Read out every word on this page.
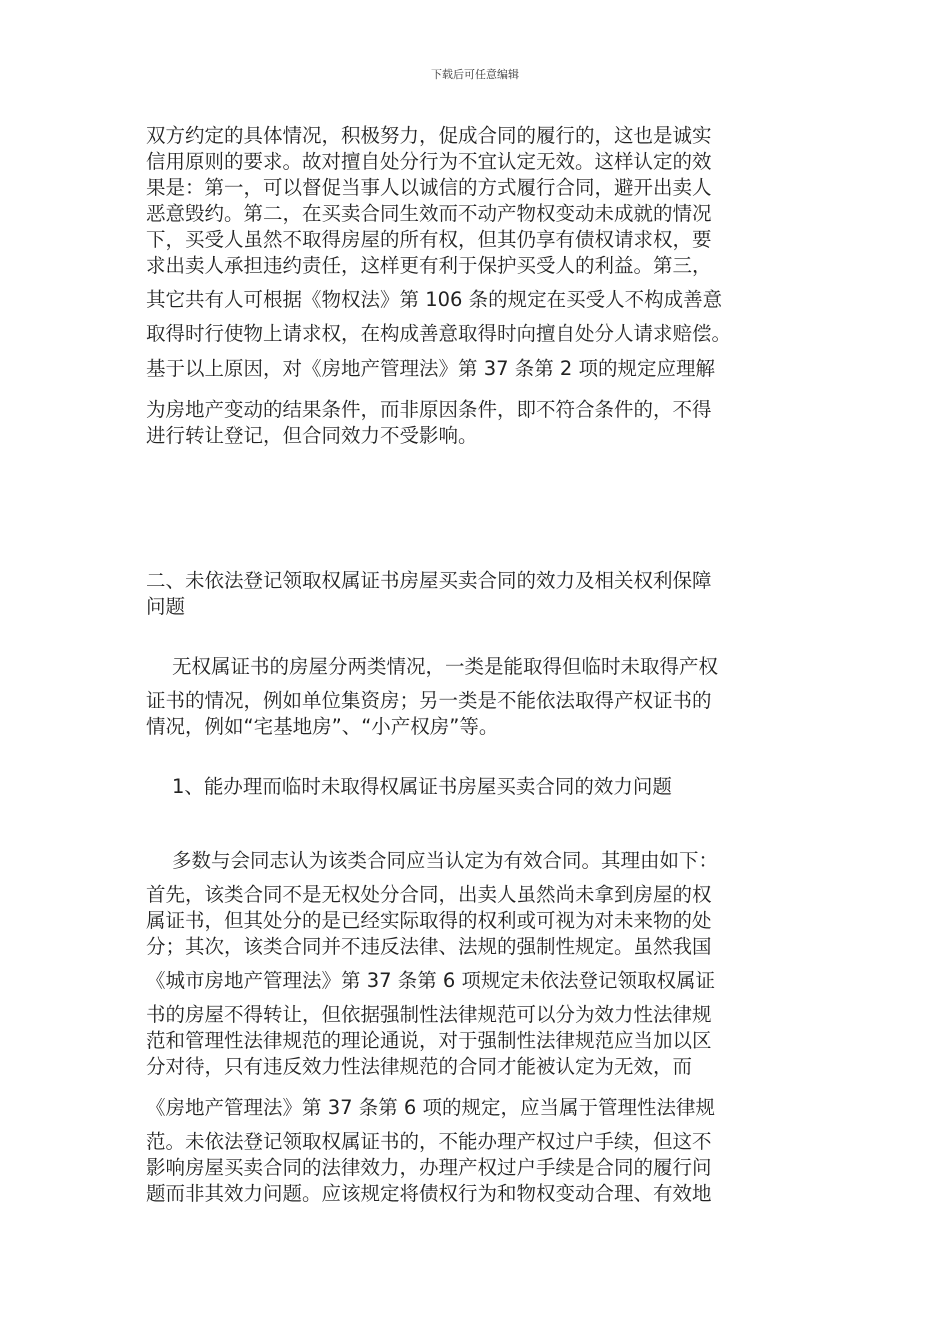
下载后可任意编辑
双方约定的具体情况，积极努力，促成合同的履行的，这也是诚实
信用原则的要求。故对擅自处分行为不宜认定无效。这样认定的效
果是：第一，可以督促当事人以诚信的方式履行合同，避开出卖人
恶意毁约。第二，在买卖合同生效而不动产物权变动未成就的情况
下，买受人虽然不取得房屋的所有权，但其仍享有债权请求权，要
求出卖人承担违约责任，这样更有利于保护买受人的利益。第三，
其它共有人可根据《物权法》第 106 条的规定在买受人不构成善意
取得时行使物上请求权，在构成善意取得时向擅自处分人请求赔偿。
基于以上原因，对《房地产管理法》第 37 条第 2 项的规定应理解
为房地产变动的结果条件，而非原因条件，即不符合条件的，不得
进行转让登记，但合同效力不受影响。
二、未依法登记领取权属证书房屋买卖合同的效力及相关权利保障
问题
无权属证书的房屋分两类情况，一类是能取得但临时未取得产权
证书的情况，例如单位集资房；另一类是不能依法取得产权证书的
情况，例如“宅基地房”、“小产权房”等。
1、能办理而临时未取得权属证书房屋买卖合同的效力问题
多数与会同志认为该类合同应当认定为有效合同。其理由如下：
首先，该类合同不是无权处分合同，出卖人虽然尚未拿到房屋的权
属证书，但其处分的是已经实际取得的权利或可视为对未来物的处
分；其次，该类合同并不违反法律、法规的强制性规定。虽然我国
《城市房地产管理法》第 37 条第 6 项规定未依法登记领取权属证
书的房屋不得转让，但依据强制性法律规范可以分为效力性法律规
范和管理性法律规范的理论通说，对于强制性法律规范应当加以区
分对待，只有违反效力性法律规范的合同才能被认定为无效，而
《房地产管理法》第 37 条第 6 项的规定，应当属于管理性法律规
范。未依法登记领取权属证书的，不能办理产权过户手续，但这不
影响房屋买卖合同的法律效力，办理产权过户手续是合同的履行问
题而非其效力问题。应该规定将债权行为和物权变动合理、有效地
